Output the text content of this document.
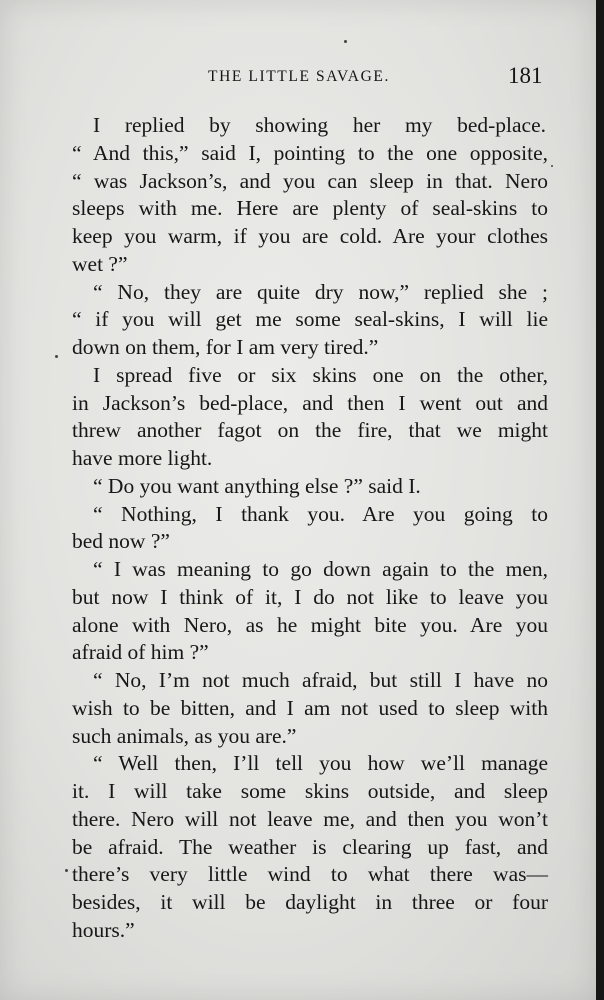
THE LITTLE SAVAGE.	181
I replied by showing her my bed-place.
“ And this,” said I, pointing to the one opposite,
“ was Jackson’s, and you can sleep in that. Nero
sleeps with me. Here are plenty of seal-skins to
keep you warm, if you are cold. Are your clothes
wet ?”
“ No, they are quite dry now,” replied she ;
“ if you will get me some seal-skins, I will lie
down on them, for I am very tired.”
I spread five or six skins one on the other,
in Jackson’s bed-place, and then I went out and
threw another fagot on the fire, that we might
have more light.
“ Do you want anything else ?” said I.
“ Nothing, I thank you. Are you going to
bed now ?”
“ I was meaning to go down again to the men,
but now I think of it, I do not like to leave you
alone with Nero, as he might bite you. Are you
afraid of him ?”
“ No, I’m not much afraid, but still I have no
wish to be bitten, and I am not used to sleep with
such animals, as you are.”
“ Well then, I’ll tell you how we’ll manage
it. I will take some skins outside, and sleep
there. Nero will not leave me, and then you won’t
be afraid. The weather is clearing up fast, and
there’s very little wind to what there was—
besides, it will be daylight in three or four
hours.”
